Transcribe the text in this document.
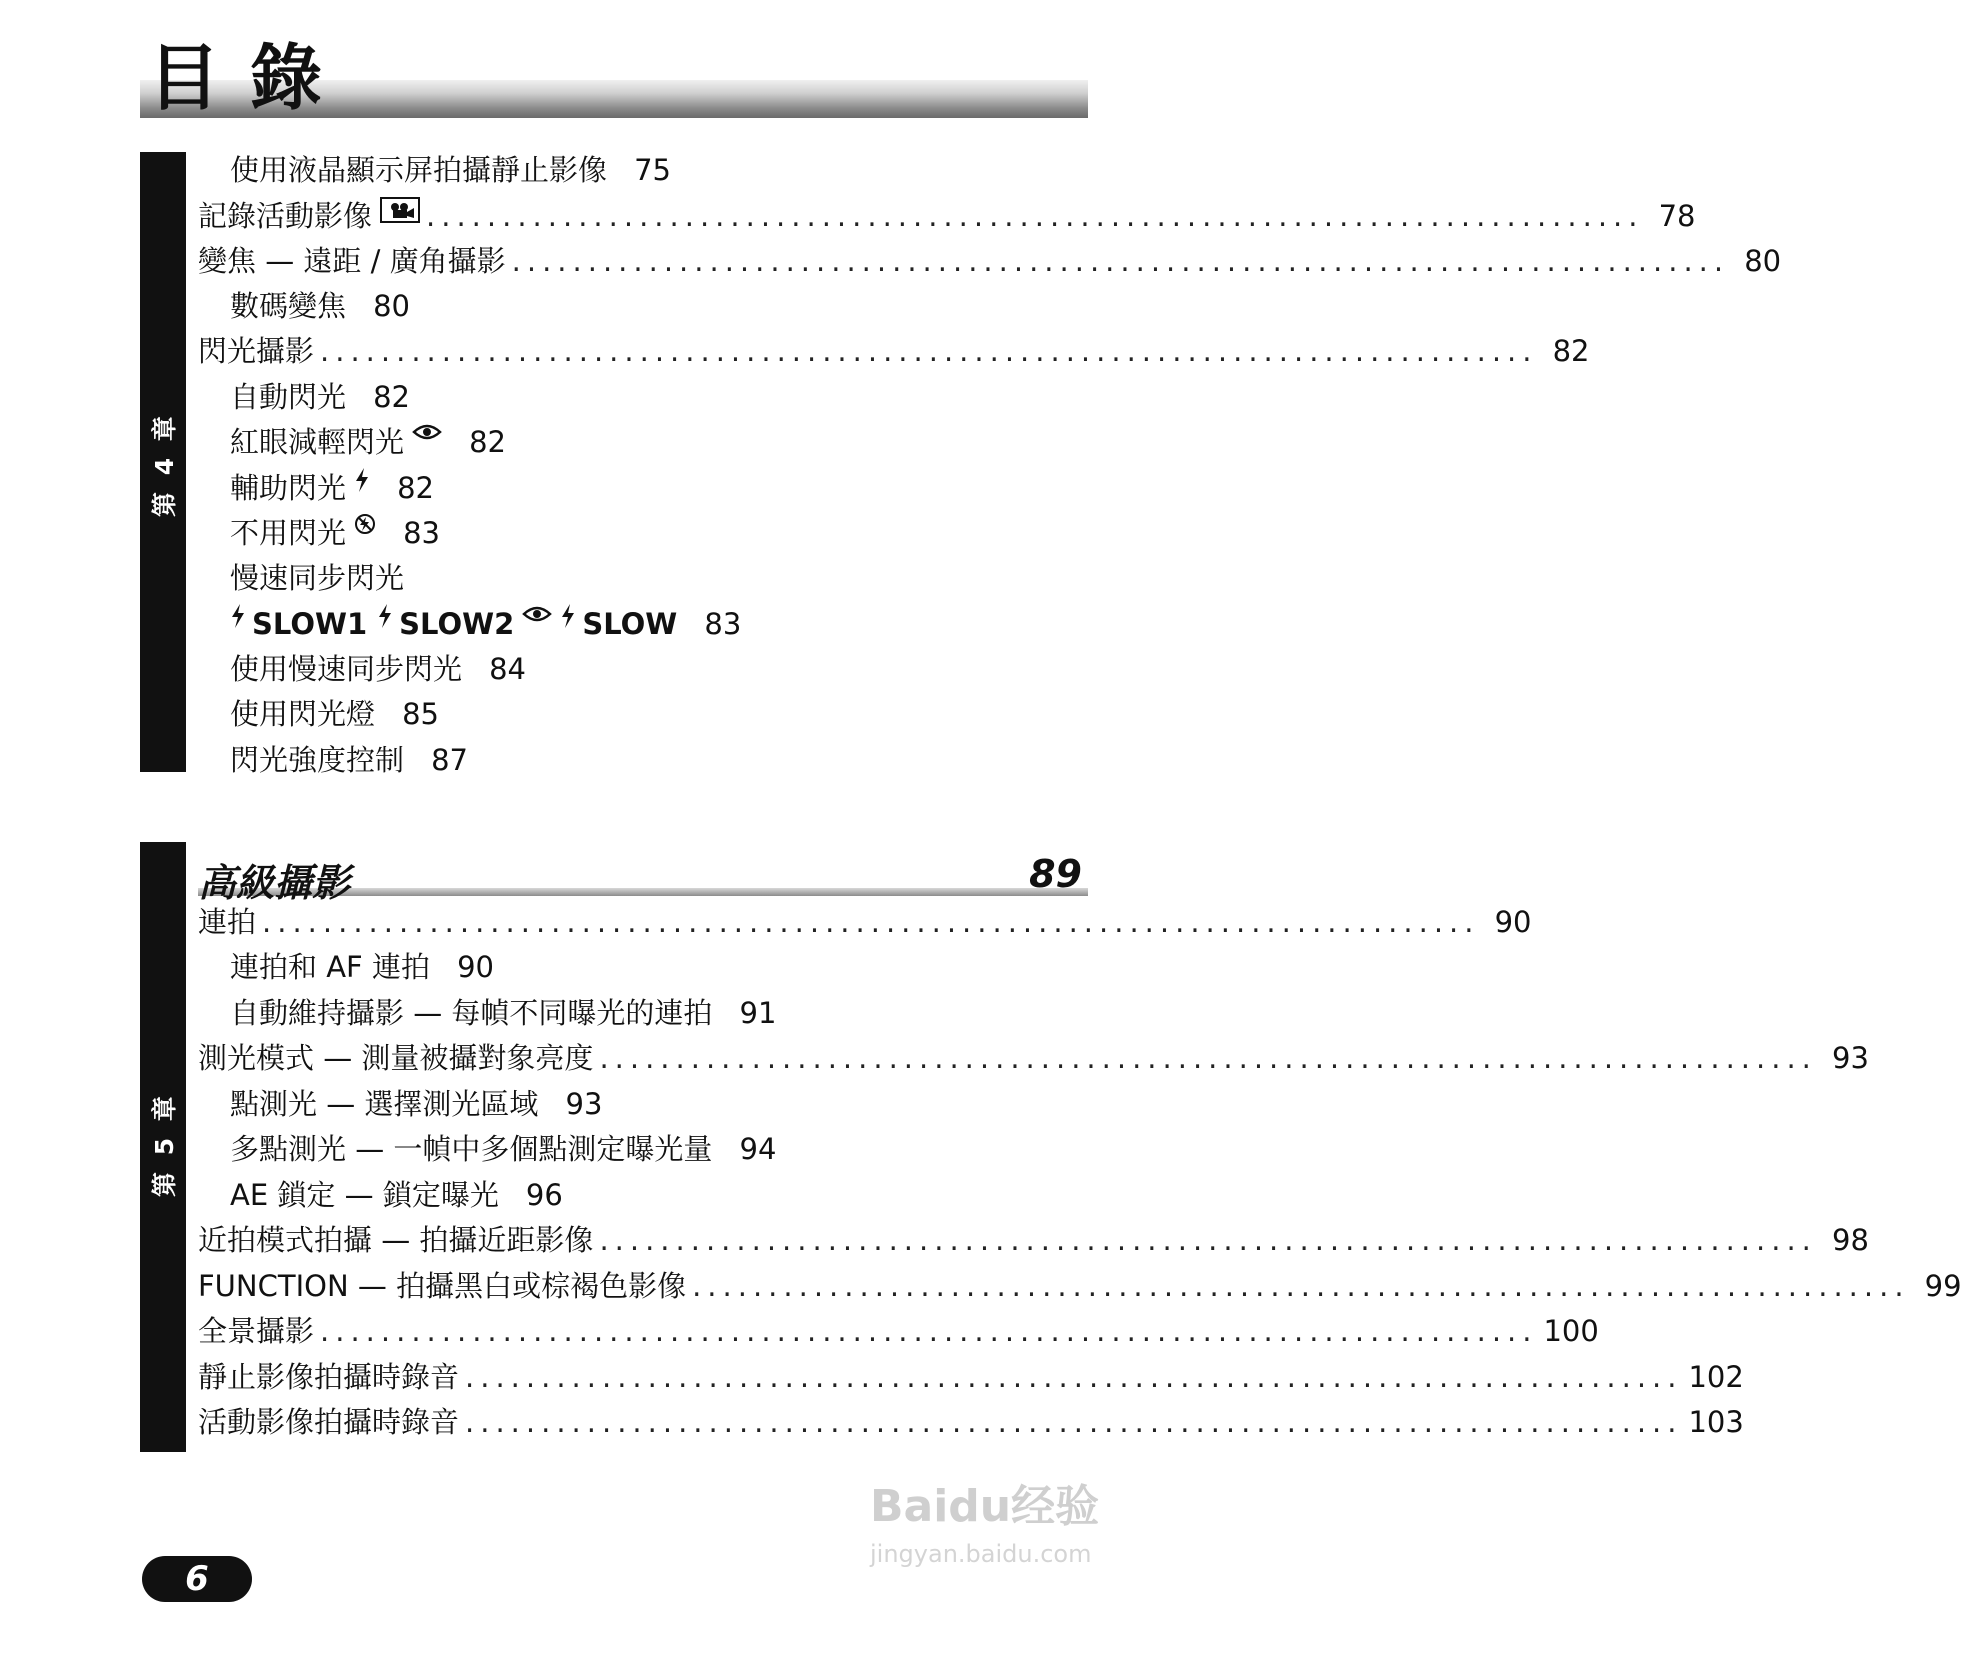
目錄
第 4 章
使用液晶顯示屏拍攝靜止影像 75
記錄活動影像 ................................................................................ 78
變焦 — 遠距 / 廣角攝影 ................................................................................ 80
數碼變焦 80
閃光攝影 ................................................................................ 82
自動閃光 82
紅眼減輕閃光	82
輔助閃光	82
不用閃光	83
慢速同步閃光
SLOW1 SLOW2 SLOW 83
使用慢速同步閃光 84
使用閃光燈 85
閃光強度控制 87
第 5 章
高級攝影	89
連拍 ................................................................................ 90
連拍和 AF 連拍 90
自動維持攝影 — 每幀不同曝光的連拍 91
測光模式 — 測量被攝對象亮度 ................................................................................ 93
點測光 — 選擇測光區域 93
多點測光 — 一幀中多個點測定曝光量 94
AE 鎖定 — 鎖定曝光 96
近拍模式拍攝 — 拍攝近距影像 ................................................................................ 98
FUNCTION — 拍攝黑白或棕褐色影像 ................................................................................ 99
全景攝影 ................................................................................ 100
靜止影像拍攝時錄音 ................................................................................ 102
活動影像拍攝時錄音 ................................................................................ 103
Baidu经验
jingyan.baidu.com
6
